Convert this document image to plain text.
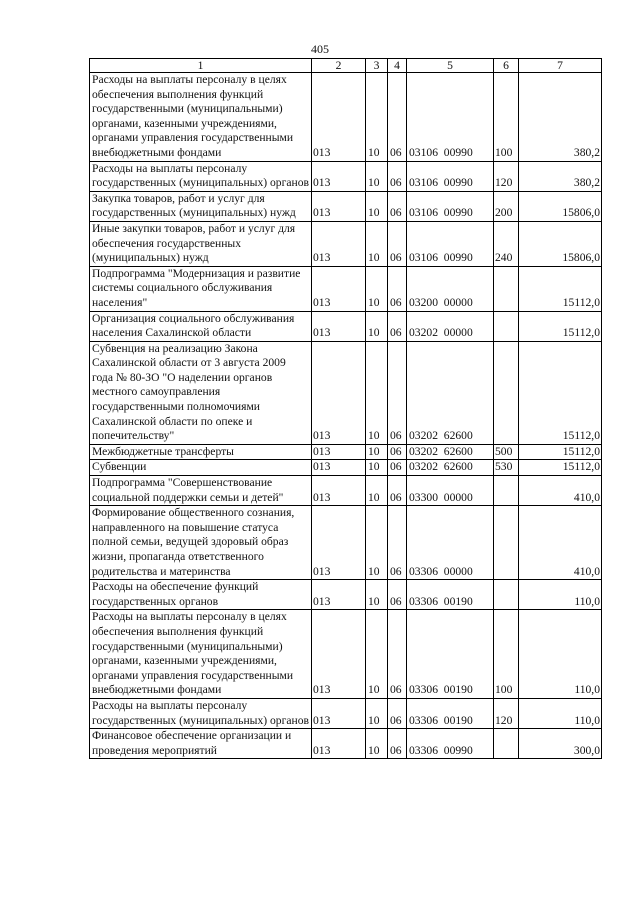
405
1	2	3	4	5	6	7
Расходы на выплаты персоналу в целях обеспечения выполнения функций государственными (муниципальными) органами, казенными учреждениями, органами управления государственными внебюджетными фондами	013	10	06	03106  00990	100	380,2
Расходы на выплаты персоналу государственных (муниципальных) органов	013	10	06	03106  00990	120	380,2
Закупка товаров, работ и услуг для государственных (муниципальных) нужд	013	10	06	03106  00990	200	15806,0
Иные закупки товаров, работ и услуг для обеспечения государственных (муниципальных) нужд	013	10	06	03106  00990	240	15806,0
Подпрограмма "Модернизация и развитие системы социального обслуживания населения"	013	10	06	03200  00000		15112,0
Организация социального обслуживания населения Сахалинской области	013	10	06	03202  00000		15112,0
Субвенция на реализацию Закона Сахалинской области от 3 августа 2009 года № 80-ЗО "О наделении органов местного самоуправления государственными полномочиями Сахалинской области по опеке и попечительству"	013	10	06	03202  62600		15112,0
Межбюджетные трансферты	013	10	06	03202  62600	500	15112,0
Субвенции	013	10	06	03202  62600	530	15112,0
Подпрограмма "Совершенствование социальной поддержки семьи и детей"	013	10	06	03300  00000		410,0
Формирование общественного сознания, направленного на повышение статуса полной семьи, ведущей здоровый образ жизни, пропаганда ответственного родительства и материнства	013	10	06	03306  00000		410,0
Расходы на обеспечение функций государственных органов	013	10	06	03306  00190		110,0
Расходы на выплаты персоналу в целях обеспечения выполнения функций государственными (муниципальными) органами, казенными учреждениями, органами управления государственными внебюджетными фондами	013	10	06	03306  00190	100	110,0
Расходы на выплаты персоналу государственных (муниципальных) органов	013	10	06	03306  00190	120	110,0
Финансовое обеспечение организации и проведения мероприятий	013	10	06	03306  00990		300,0
